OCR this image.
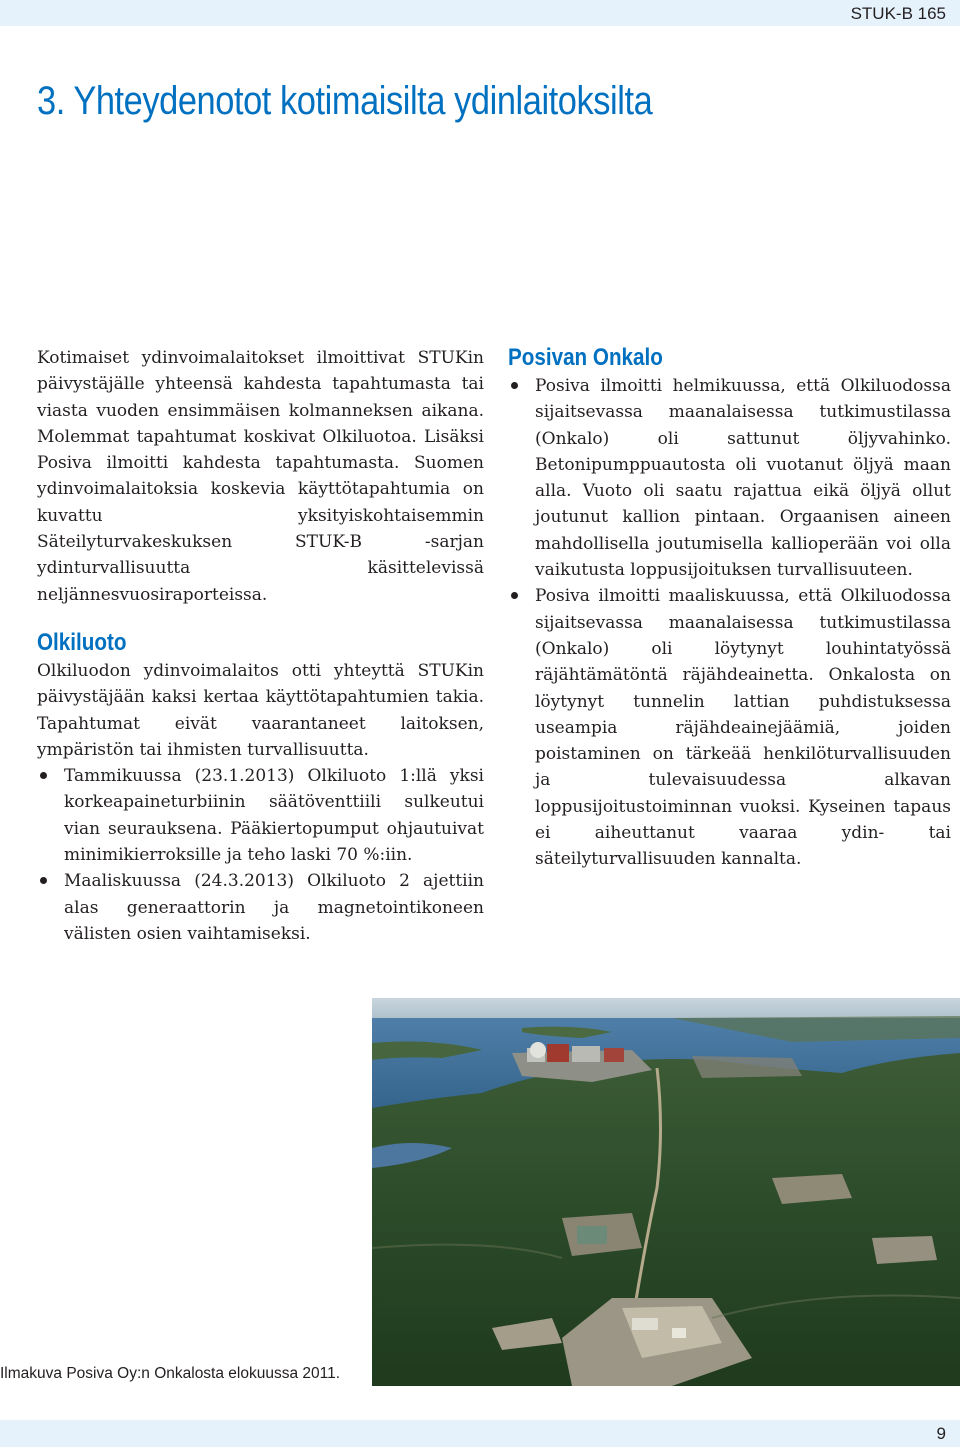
STUK-B 165
3. Yhteydenotot kotimaisilta ydinlaitoksilta

Kotimaiset ydinvoimalaitokset ilmoittivat STUKin päivystäjälle yhteensä kahdesta tapahtumasta tai viasta vuoden ensimmäisen kolmanneksen aikana. Molemmat tapahtumat koskivat Olkiluotoa. Lisäksi Posiva ilmoitti kahdesta tapahtumasta. Suomen ydinvoimalaitoksia koskevia käyttötapahtumia on kuvattu yksityiskohtaisemmin Säteilyturvakeskuksen STUK-B -sarjan ydinturvallisuutta käsittelevissä neljännesvuosiraporteissa.

Olkiluoto

Olkiluodon ydinvoimalaitos otti yhteyttä STUKin päivystäjään kaksi kertaa käyttötapahtumien takia. Tapahtumat eivät vaarantaneet laitoksen, ympäristön tai ihmisten turvallisuutta.

Tammikuussa (23.1.2013) Olkiluoto 1:llä yksi korkeapaineturbiinin säätöventtiili sulkeutui vian seurauksena. Pääkiertopumput ohjautuivat minimikierroksille ja teho laski 70 %:iin.
Maaliskuussa (24.3.2013) Olkiluoto 2 ajettiin alas generaattorin ja magnetointikoneen välisten osien vaihtamiseksi.
Posivan Onkalo
Posiva ilmoitti helmikuussa, että Olkiluodossa sijaitsevassa maanalaisessa tutkimustilassa (Onkalo) oli sattunut öljyvahinko. Betonipumppuautosta oli vuotanut öljyä maan alla. Vuoto oli saatu rajattua eikä öljyä ollut joutunut kallion pintaan. Orgaanisen aineen mahdollisella joutumisella kallioperään voi olla vaikutusta loppusijoituksen turvallisuuteen.
Posiva ilmoitti maaliskuussa, että Olkiluodossa sijaitsevassa maanalaisessa tutkimustilassa (Onkalo) oli löytynyt louhintatyössä räjähtämätöntä räjähdeainetta. Onkalosta on löytynyt tunnelin lattian puhdistuksessa useampia räjähdeainejäämiä, joiden poistaminen on tärkeää henkilöturvallisuuden ja tulevaisuudessa alkavan loppusijoitustoiminnan vuoksi. Kyseinen tapaus ei aiheuttanut vaaraa ydin- tai säteilyturvallisuuden kannalta.
Ilmakuva Posiva Oy:n Onkalosta elokuussa 2011.
9
